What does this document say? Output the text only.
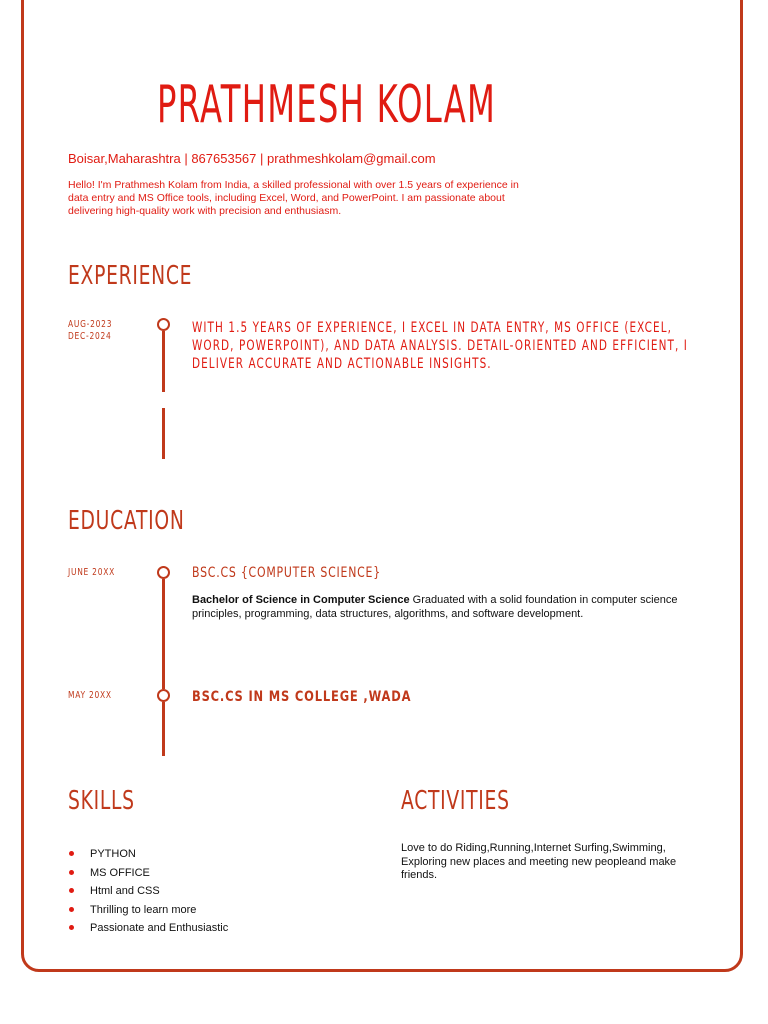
PRATHMESH KOLAM
Boisar,Maharashtra | 867653567 | prathmeshkolam@gmail.com
Hello! I'm Prathmesh Kolam from India, a skilled professional with over 1.5 years of experience in data entry and MS Office tools, including Excel, Word, and PowerPoint. I am passionate about delivering high-quality work with precision and enthusiasm.
EXPERIENCE
AUG-2023
DEC-2024
WITH 1.5 YEARS OF EXPERIENCE, I EXCEL IN DATA ENTRY, MS OFFICE (EXCEL, WORD, POWERPOINT), AND DATA ANALYSIS. DETAIL-ORIENTED AND EFFICIENT, I DELIVER ACCURATE AND ACTIONABLE INSIGHTS.
EDUCATION
JUNE 20XX	BSC.CS {COMPUTER SCIENCE}
Bachelor of Science in Computer Science Graduated with a solid foundation in computer science principles, programming, data structures, algorithms, and software development.
MAY 20XX	BSC.CS IN MS COLLEGE ,WADA
SKILLS
PYTHON
MS OFFICE
Html and CSS
Thrilling to learn more
Passionate and Enthusiastic
ACTIVITIES
Love to do Riding,Running,Internet Surfing,Swimming, Exploring new places and meeting new peopleand make friends.
